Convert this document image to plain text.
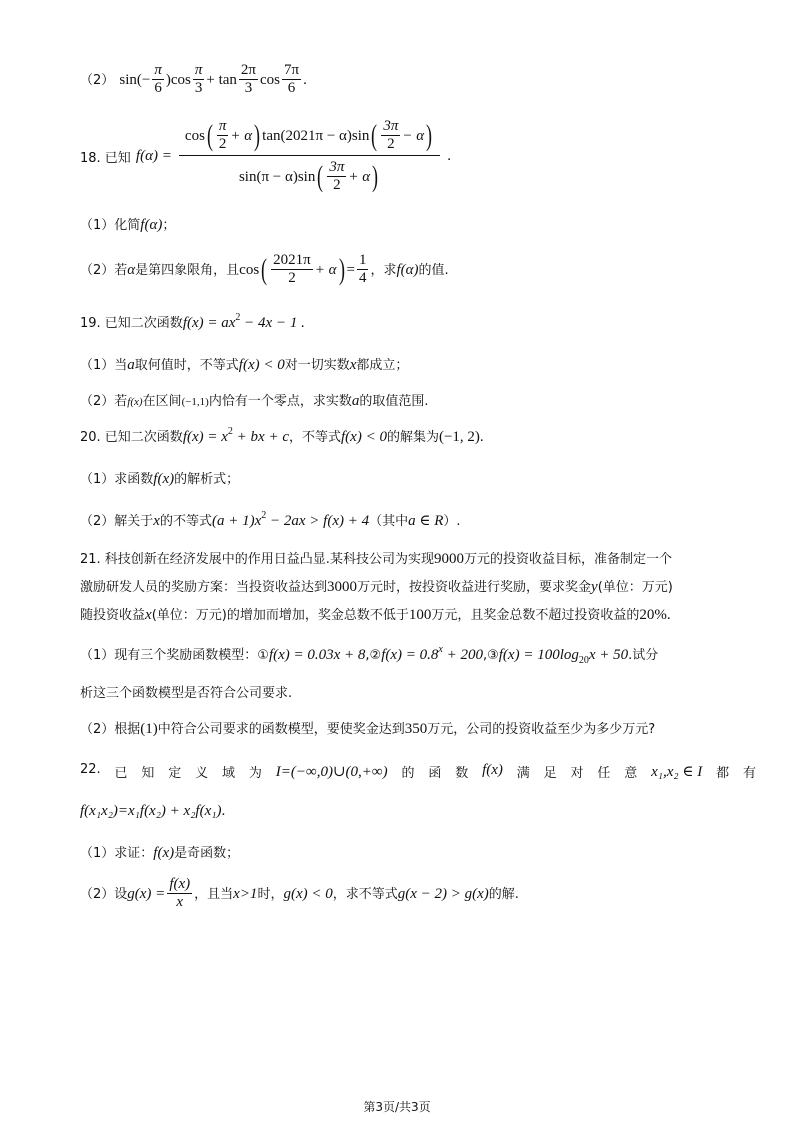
（2） $\sin(- \frac{\pi}{6} )\cos \frac{\pi}{3} + \tan \frac{2\pi}{3}$ $\cos \frac{7\pi}{6}$ .
18. 已知 $f(\alpha) = \frac{\cos( \frac{\pi}{2} + \alpha) \tan(2021\pi - \alpha)\sin( \frac{3\pi}{2} - \alpha)}{\sin(\pi - \alpha)\sin( \frac{3\pi}{2} + \alpha)}$ .
（1）化简f(α)；
（2）若α是第四象限角，且$\cos( \frac{2021\pi}{2} + \alpha) = \frac{1}{4}$ ，求f(α)的值.
19. 已知二次函数$f(x) = ax^2 - 4x - 1$ .
（1）当a取何值时，不等式f(x) < 0对一切实数x都成立；
（2）若f(x)在区间(−1,1)内恰有一个零点，求实数a的取值范围.
20. 已知二次函数$f(x) = x^2$ + bx + c，不等式f(x) < 0的解集为(−1, 2).
（1）求函数f(x)的解析式；
（2）解关于x的不等式$(a + 1)x^2 - 2ax > f(x) + 4$（其中a ∈ R）.
21. 科技创新在经济发展中的作用日益凸显.某科技公司为实现9000万元的投资收益目标，准备制定一个
激励研发人员的奖励方案：当投资收益达到3000万元时，按投资收益进行奖励，要求奖金y(单位：万元)
随投资收益x(单位：万元)的增加而增加，奖金总数不低于100万元，且奖金总数不超过投资收益的20%.
（1）现有三个奖励函数模型：①f(x) = 0.03x + 8,②f(x) = $0.8^x$ + 200,③f(x) = $100\log_{20}x + 50$.试分
析这三个函数模型是否符合公司要求.
（2）根据(1)中符合公司要求的函数模型，要使奖金达到350万元，公司的投资收益至少为多少万元?
22. 已 知 定 义 域 为 I=(−∞,0)∪(0,+∞) 的 函 数 f(x) 满 足 对 任 意 x₁,x₂ ∈ I 都 有
f(x₁x₂)=x₁f(x₂) + x₂f(x₁).
（1）求证：f(x)是奇函数；
（2）设$g(x) = \frac{f(x)}{x}$ ，且当x>1时，g(x) < 0，求不等式g(x − 2) > g(x)的解.
第3页/共3页
